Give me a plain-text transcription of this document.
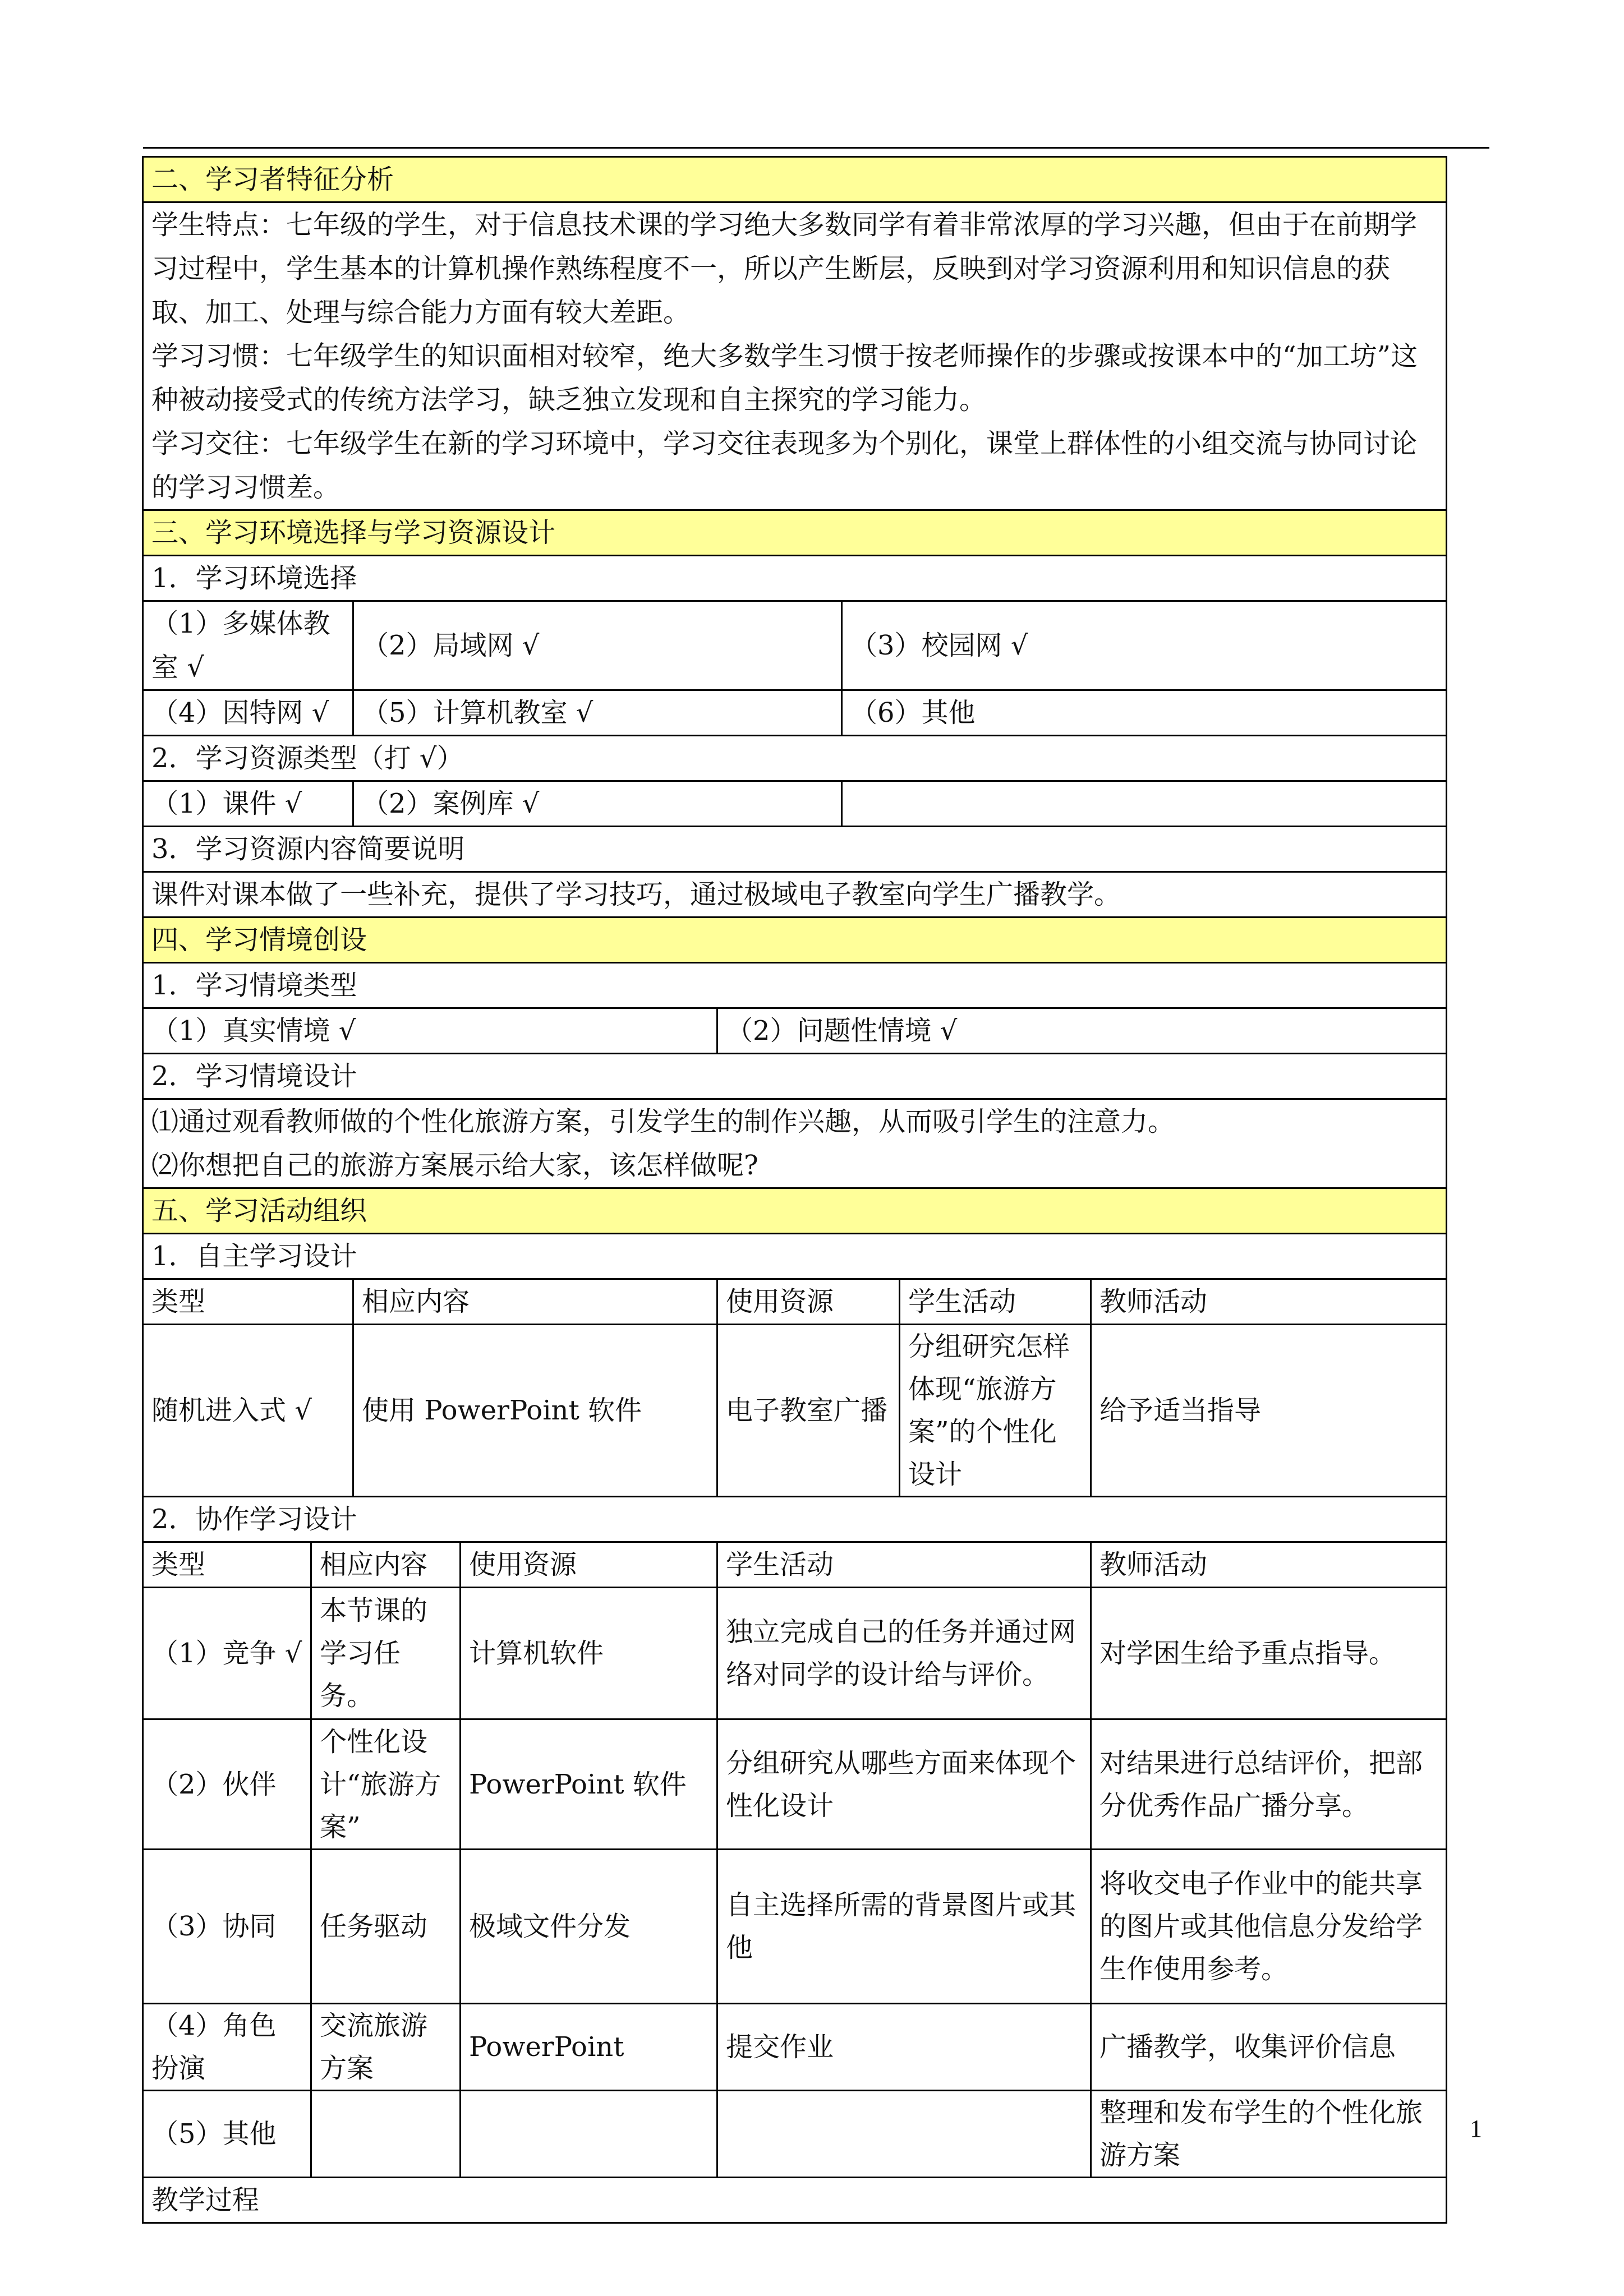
二、学习者特征分析							

学生特点：七年级的学生，对于信息技术课的学习绝大多数同学有着非常浓厚的学习兴趣，但由于在前期学习过程中，学生基本的计算机操作熟练程度不一，所以产生断层，反映到对学习资源利用和知识信息的获取、加工、处理与综合能力方面有较大差距。
学习习惯：七年级学生的知识面相对较窄，绝大多数学生习惯于按老师操作的步骤或按课本中的“加工坊”这种被动接受式的传统方法学习，缺乏独立发现和自主探究的学习能力。
学习交往：七年级学生在新的学习环境中，学习交往表现多为个别化，课堂上群体性的小组交流与协同讨论的学习习惯差。							

三、学习环境选择与学习资源设计							
1．学习环境选择							
（1）多媒体教室 √		（2）局域网 √			（3）校园网 √		
（4）因特网 √		（5）计算机教室 √			（6）其他		
2．学习资源类型（打 √）							
（1）课件 √		（2）案例库 √					
3．学习资源内容简要说明							
课件对课本做了一些补充，提供了学习技巧，通过极域电子教室向学生广播教学。							
四、学习情境创设							
1．学习情境类型							
（1）真实情境 √				（2）问题性情境 √			
2．学习情境设计							

⑴通过观看教师做的个性化旅游方案，引发学生的制作兴趣，从而吸引学生的注意力。
⑵你想把自己的旅游方案展示给大家，该怎样做呢?							

五、学习活动组织							
1．自主学习设计							
类型		相应内容		使用资源		学生活动	教师活动
随机进入式 √		使用 PowerPoint 软件		电子教室广播		分组研究怎样体现“旅游方案”的个性化设计	给予适当指导
2．协作学习设计							
类型	相应内容		使用资源	学生活动			教师活动
（1）竞争 √	本节课的学习任务。		计算机软件	独立完成自己的任务并通过网络对同学的设计给与评价。			对学困生给予重点指导。
（2）伙伴	个性化设计“旅游方案”		PowerPoint 软件	分组研究从哪些方面来体现个性化设计			对结果进行总结评价，把部分优秀作品广播分享。
（3）协同	任务驱动		极域文件分发	自主选择所需的背景图片或其他			将收交电子作业中的能共享的图片或其他信息分发给学生作使用参考。
（4）角色扮演	交流旅游方案		PowerPoint	提交作业			广播教学，收集评价信息
（5）其他							整理和发布学生的个性化旅游方案
教学过程							
1
